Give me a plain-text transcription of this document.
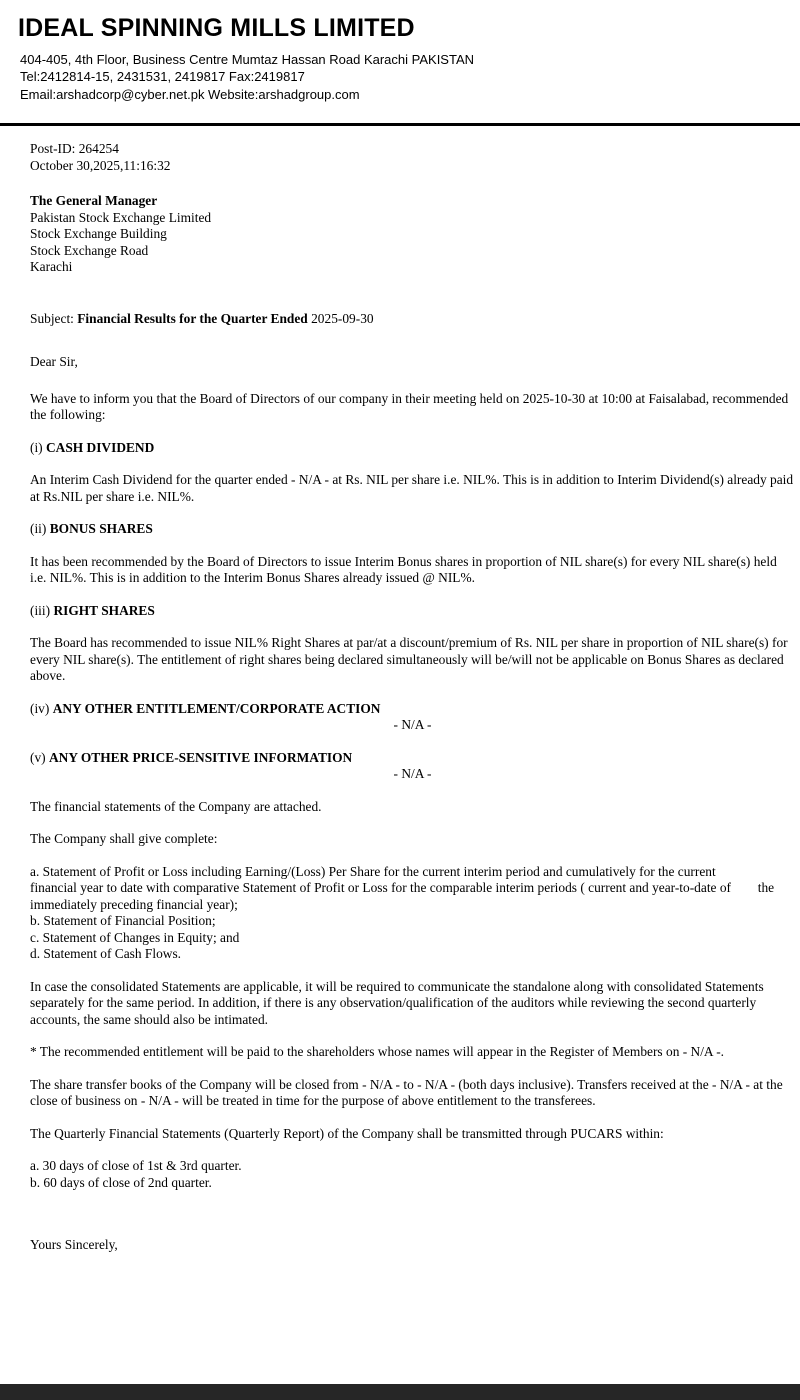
IDEAL SPINNING MILLS LIMITED
404-405, 4th Floor, Business Centre Mumtaz Hassan Road Karachi PAKISTAN
Tel:2412814-15, 2431531, 2419817 Fax:2419817
Email:arshadcorp@cyber.net.pk Website:arshadgroup.com
Post-ID: 264254
October 30,2025,11:16:32
The General Manager
Pakistan Stock Exchange Limited
Stock Exchange Building
Stock Exchange Road
Karachi

Subject: Financial Results for the Quarter Ended 2025-09-30

Dear Sir,

We have to inform you that the Board of Directors of our company in their meeting held on 2025-10-30 at 10:00 at Faisalabad, recommended the following:

(i) CASH DIVIDEND

An Interim Cash Dividend for the quarter ended - N/A - at Rs. NIL per share i.e. NIL%. This is in addition to Interim Dividend(s) already paid at Rs.NIL per share i.e. NIL%.

(ii) BONUS SHARES

It has been recommended by the Board of Directors to issue Interim Bonus shares in proportion of NIL share(s) for every NIL share(s) held i.e. NIL%. This is in addition to the Interim Bonus Shares already issued @ NIL%.

(iii) RIGHT SHARES

The Board has recommended to issue NIL% Right Shares at par/at a discount/premium of Rs. NIL per share in proportion of NIL share(s) for every NIL share(s). The entitlement of right shares being declared simultaneously will be/will not be applicable on Bonus Shares as declared above.

(iv) ANY OTHER ENTITLEMENT/CORPORATE ACTION

- N/A -

(v) ANY OTHER PRICE-SENSITIVE INFORMATION

- N/A -

The financial statements of the Company are attached.

The Company shall give complete:

a. Statement of Profit or Loss including Earning/(Loss) Per Share for the current interim period and cumulatively for the current            financial year to date with comparative Statement of Profit or Loss for the comparable interim periods ( current and year-to-date of        the immediately preceding financial year);
b. Statement of Financial Position;
c. Statement of Changes in Equity; and
d. Statement of Cash Flows.

In case the consolidated Statements are applicable, it will be required to communicate the standalone along with consolidated Statements separately for the same period. In addition, if there is any observation/qualification of the auditors while reviewing the second quarterly accounts, the same should also be intimated.

* The recommended entitlement will be paid to the shareholders whose names will appear in the Register of Members on - N/A -.

The share transfer books of the Company will be closed from - N/A - to - N/A - (both days inclusive). Transfers received at the - N/A - at the close of business on - N/A - will be treated in time for the purpose of above entitlement to the transferees.

The Quarterly Financial Statements (Quarterly Report) of the Company shall be transmitted through PUCARS within:

a. 30 days of close of 1st & 3rd quarter.
b. 60 days of close of 2nd quarter.

Yours Sincerely,
